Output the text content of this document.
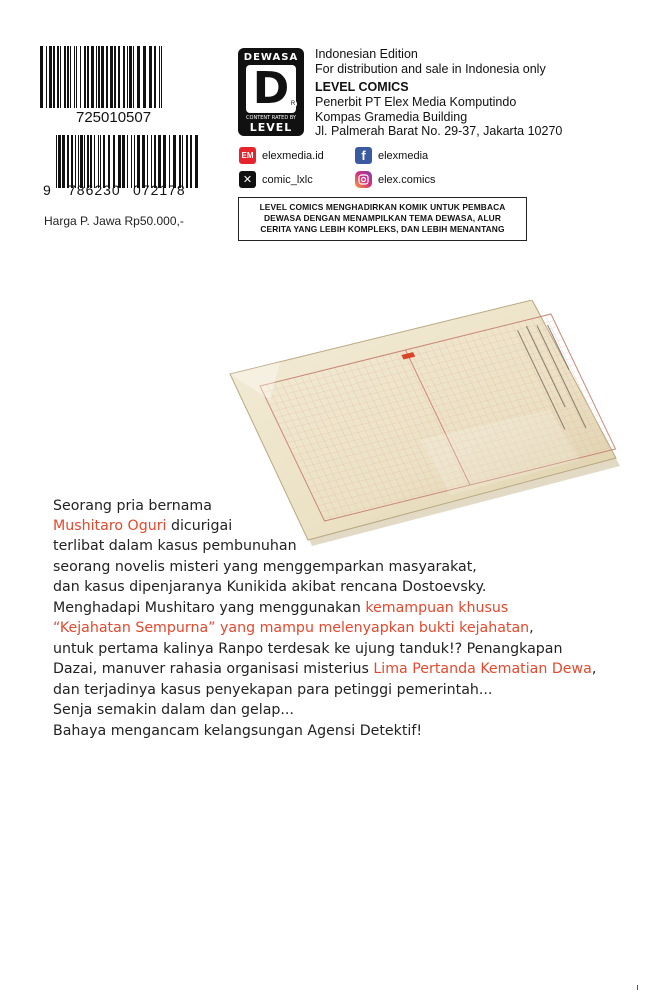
725010507
9 786230 072178
Harga P. Jawa Rp50.000,-
DEWASA
D R
CONTENT RATED BY
LEVEL
Indonesian Edition
For distribution and sale in Indonesia only
LEVEL COMICS
Penerbit PT Elex Media Komputindo
Kompas Gramedia Building
Jl. Palmerah Barat No. 29-37, Jakarta 10270
EM elexmedia.id	f	elexmedia
✕ comic_lxlc	elex.comics
LEVEL COMICS MENGHADIRKAN KOMIK UNTUK PEMBACA
DEWASA DENGAN MENAMPILKAN TEMA DEWASA, ALUR
CERITA YANG LEBIH KOMPLEKS, DAN LEBIH MENANTANG
Seorang pria bernama
Mushitaro Oguri dicurigai
terlibat dalam kasus pembunuhan
seorang novelis misteri yang menggemparkan masyarakat,
dan kasus dipenjaranya Kunikida akibat rencana Dostoevsky.
Menghadapi Mushitaro yang menggunakan kemampuan khusus
“Kejahatan Sempurna” yang mampu melenyapkan bukti kejahatan,
untuk pertama kalinya Ranpo terdesak ke ujung tanduk!? Penangkapan
Dazai, manuver rahasia organisasi misterius Lima Pertanda Kematian Dewa,
dan terjadinya kasus penyekapan para petinggi pemerintah...
Senja semakin dalam dan gelap...
Bahaya mengancam kelangsungan Agensi Detektif!
